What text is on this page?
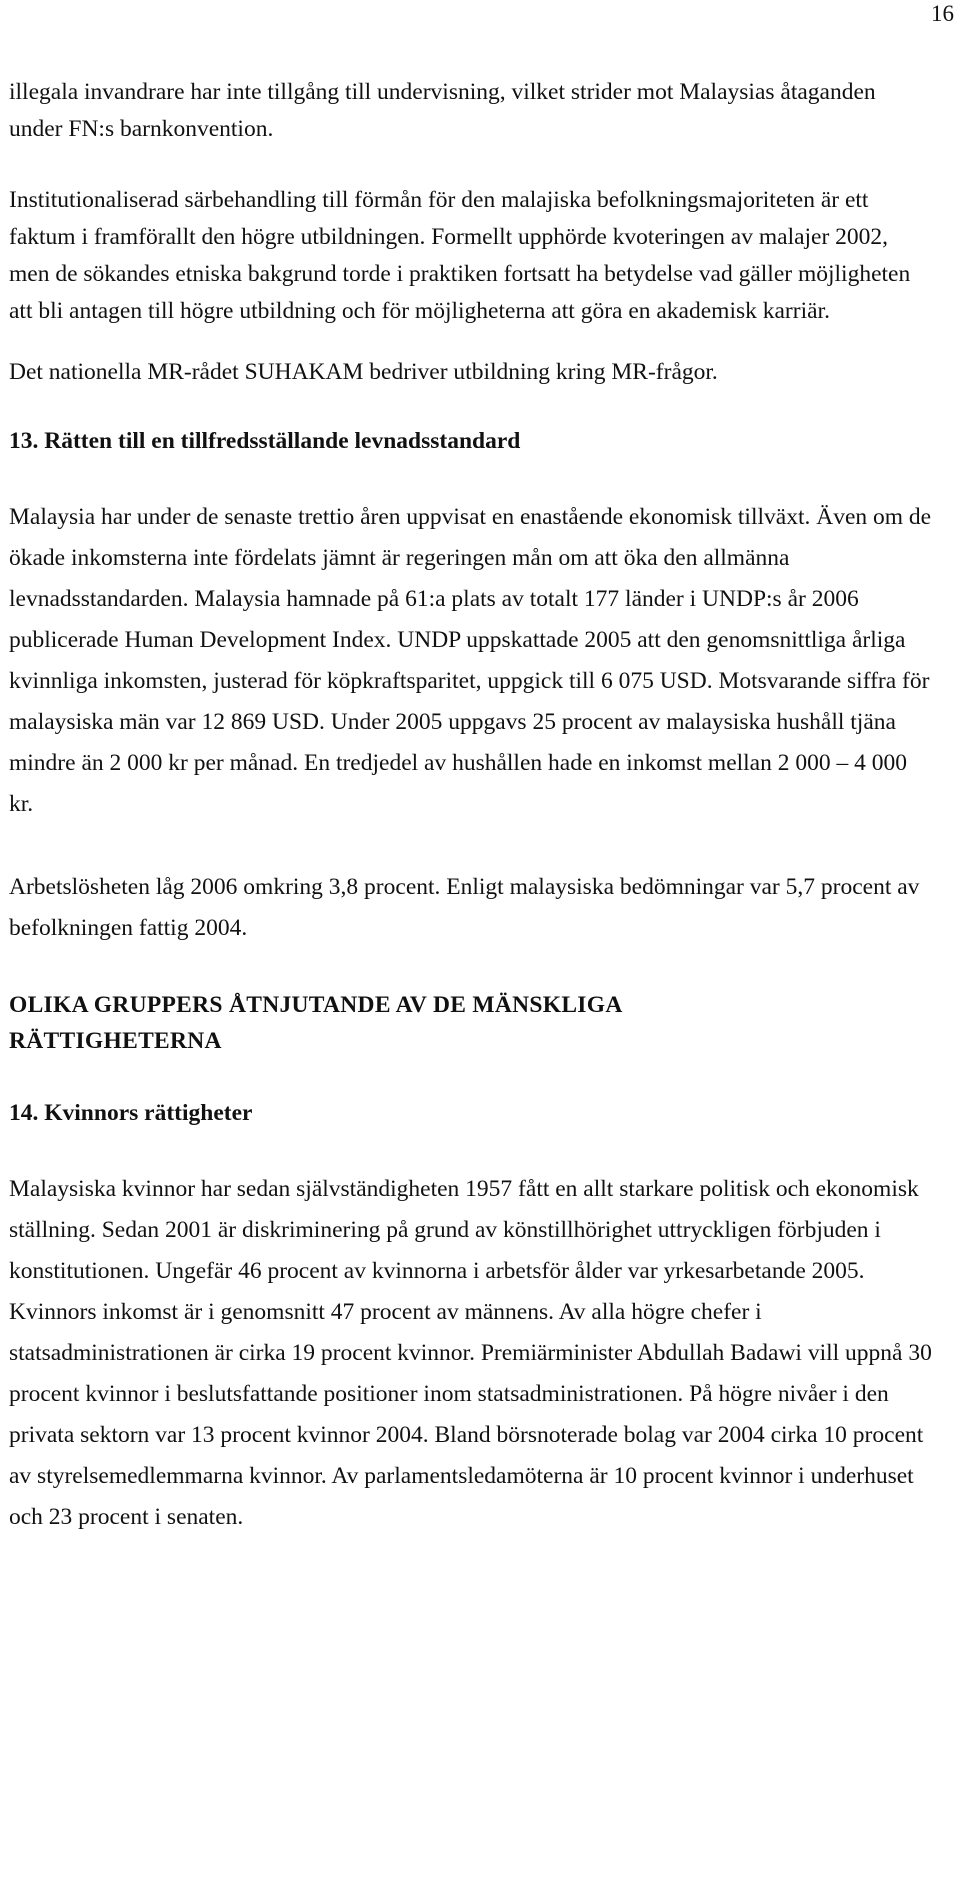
16

illegala invandrare har inte tillgång till undervisning, vilket strider mot Malaysias åtaganden under FN:s barnkonvention.

Institutionaliserad särbehandling till förmån för den malajiska befolkningsmajoriteten är ett faktum i framförallt den högre utbildningen. Formellt upphörde kvoteringen av malajer 2002, men de sökandes etniska bakgrund torde i praktiken fortsatt ha betydelse vad gäller möjligheten att bli antagen till högre utbildning och för möjligheterna att göra en akademisk karriär.

Det nationella MR-rådet SUHAKAM bedriver utbildning kring MR-frågor.

13. Rätten till en tillfredsställande levnadsstandard

Malaysia har under de senaste trettio åren uppvisat en enastående ekonomisk tillväxt. Även om de ökade inkomsterna inte fördelats jämnt är regeringen mån om att öka den allmänna levnadsstandarden. Malaysia hamnade på 61:a plats av totalt 177 länder i UNDP:s år 2006 publicerade Human Development Index. UNDP uppskattade 2005 att den genomsnittliga årliga kvinnliga inkomsten, justerad för köpkraftsparitet, uppgick till 6 075 USD. Motsvarande siffra för malaysiska män var 12 869 USD. Under 2005 uppgavs 25 procent av malaysiska hushåll tjäna mindre än 2 000 kr per månad. En tredjedel av hushållen hade en inkomst mellan 2 000 – 4 000 kr.

Arbetslösheten låg 2006 omkring 3,8 procent. Enligt malaysiska bedömningar var 5,7 procent av befolkningen fattig 2004.

OLIKA GRUPPERS ÅTNJUTANDE AV DE MÄNSKLIGA RÄTTIGHETERNA
14. Kvinnors rättigheter

Malaysiska kvinnor har sedan självständigheten 1957 fått en allt starkare politisk och ekonomisk ställning. Sedan 2001 är diskriminering på grund av könstillhörighet uttryckligen förbjuden i konstitutionen. Ungefär 46 procent av kvinnorna i arbetsför ålder var yrkesarbetande 2005. Kvinnors inkomst är i genomsnitt 47 procent av männens. Av alla högre chefer i statsadministrationen är cirka 19 procent kvinnor. Premiärminister Abdullah Badawi vill uppnå 30 procent kvinnor i beslutsfattande positioner inom statsadministrationen. På högre nivåer i den privata sektorn var 13 procent kvinnor 2004. Bland börsnoterade bolag var 2004 cirka 10 procent av styrelsemedlemmarna kvinnor. Av parlamentsledamöterna är 10 procent kvinnor i underhuset och 23 procent i senaten.
